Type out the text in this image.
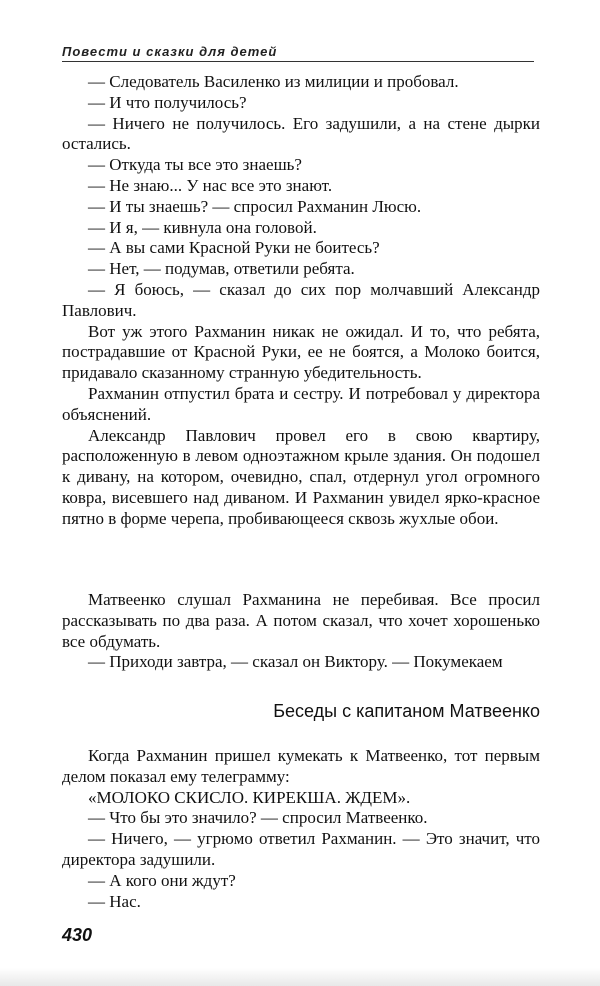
Повести и сказки для детей

— Следователь Василенко из милиции и пробовал.

— И что получилось?

— Ничего не получилось. Его задушили, а на стене дырки остались.

— Откуда ты все это знаешь?

— Не знаю... У нас все это знают.

— И ты знаешь? — спросил Рахманин Люсю.

— И я, — кивнула она головой.

— А вы сами Красной Руки не боитесь?

— Нет, — подумав, ответили ребята.

— Я боюсь, — сказал до сих пор молчавший Александр Павлович.

Вот уж этого Рахманин никак не ожидал. И то, что ребята, пострадавшие от Красной Руки, ее не боятся, а Молоко боится, придавало сказанному странную убедительность.

Рахманин отпустил брата и сестру. И потребовал у директора объяснений.

Александр Павлович провел его в свою квартиру, расположенную в левом одноэтажном крыле здания. Он подошел к дивану, на котором, очевидно, спал, отдернул угол огромного ковра, висевшего над диваном. И Рахманин увидел ярко-красное пятно в форме черепа, пробивающееся сквозь жухлые обои.

Матвеенко слушал Рахманина не перебивая. Все просил рассказывать по два раза. А потом сказал, что хочет хорошенько все обдумать.

— Приходи завтра, — сказал он Виктору. — Покумекаем

Беседы с капитаном Матвеенко

Когда Рахманин пришел кумекать к Матвеенко, тот первым делом показал ему телеграмму:

«МОЛОКО СКИСЛО. КИРЕКША. ЖДЕМ».

— Что бы это значило? — спросил Матвеенко.

— Ничего, — угрюмо ответил Рахманин. — Это значит, что директора задушили.

— А кого они ждут?

— Нас.

430
